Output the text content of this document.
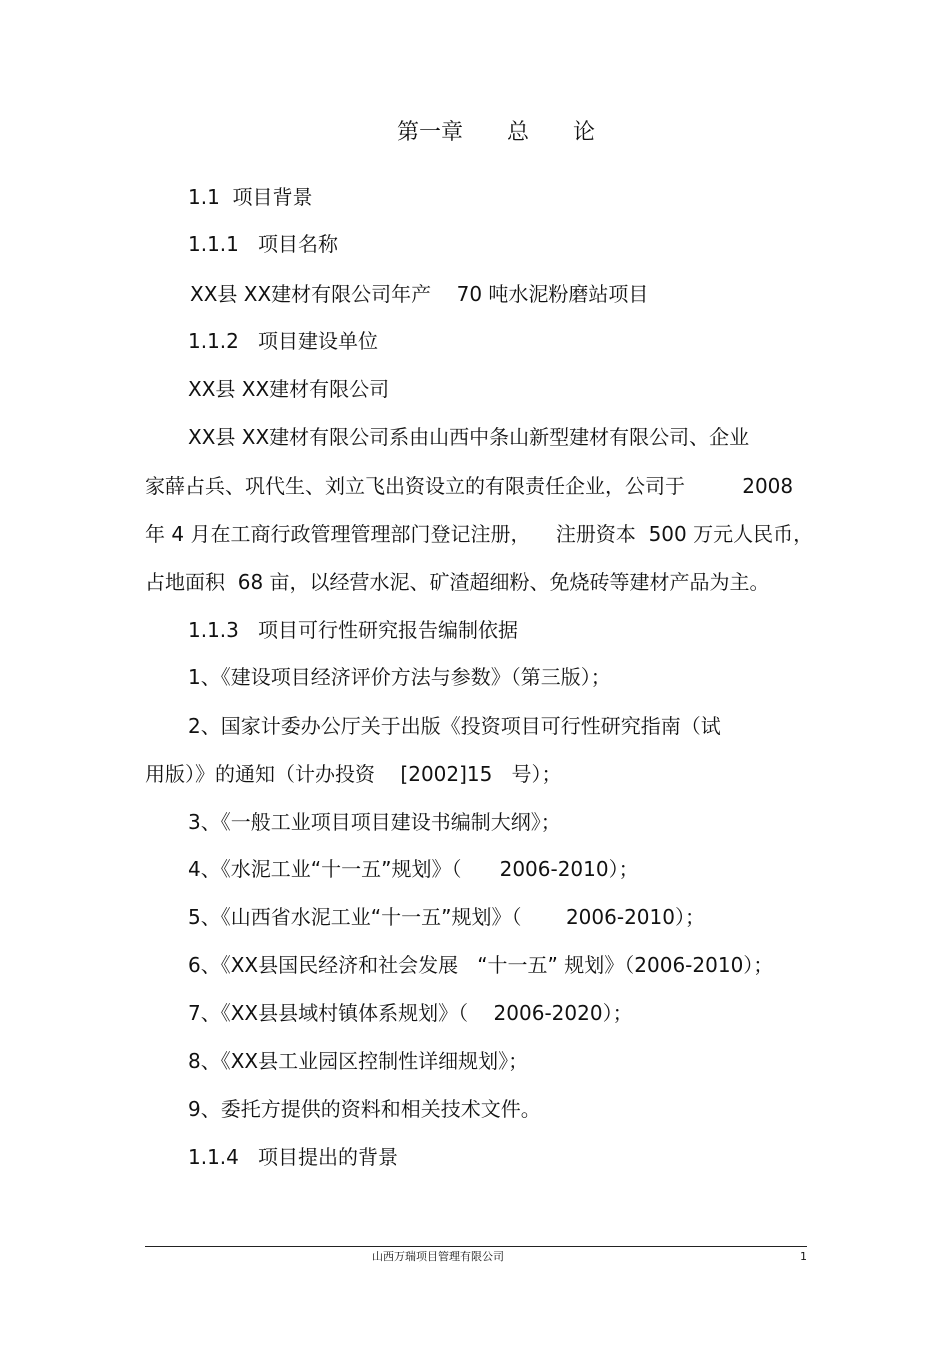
第一章　　总　　论
1.1  项目背景
1.1.1   项目名称
XX县 XX建材有限公司年产    70 吨水泥粉磨站项目
1.1.2   项目建设单位
XX县 XX建材有限公司
XX县 XX建材有限公司系由山西中条山新型建材有限公司、企业
家薛占兵、巩代生、刘立飞出资设立的有限责任企业，公司于         2008
年 4 月在工商行政管理管理部门登记注册，    注册资本  500 万元人民币，
占地面积  68 亩，以经营水泥、矿渣超细粉、免烧砖等建材产品为主。
1.1.3   项目可行性研究报告编制依据
1、《建设项目经济评价方法与参数》（第三版）；
2、国家计委办公厅关于出版《投资项目可行性研究指南（试
用版）》的通知（计办投资    [2002]15   号）；
3、《一般工业项目项目建设书编制大纲》；
4、《水泥工业“十一五”规划》（      2006-2010）；
5、《山西省水泥工业“十一五”规划》（       2006-2010）；
6、《XX县国民经济和社会发展   “十一五” 规划》（2006-2010）；
7、《XX县县域村镇体系规划》（    2006-2020）；
8、《XX县工业园区控制性详细规划》；
9、委托方提供的资料和相关技术文件。
1.1.4   项目提出的背景
山西万瑞项目管理有限公司	1
